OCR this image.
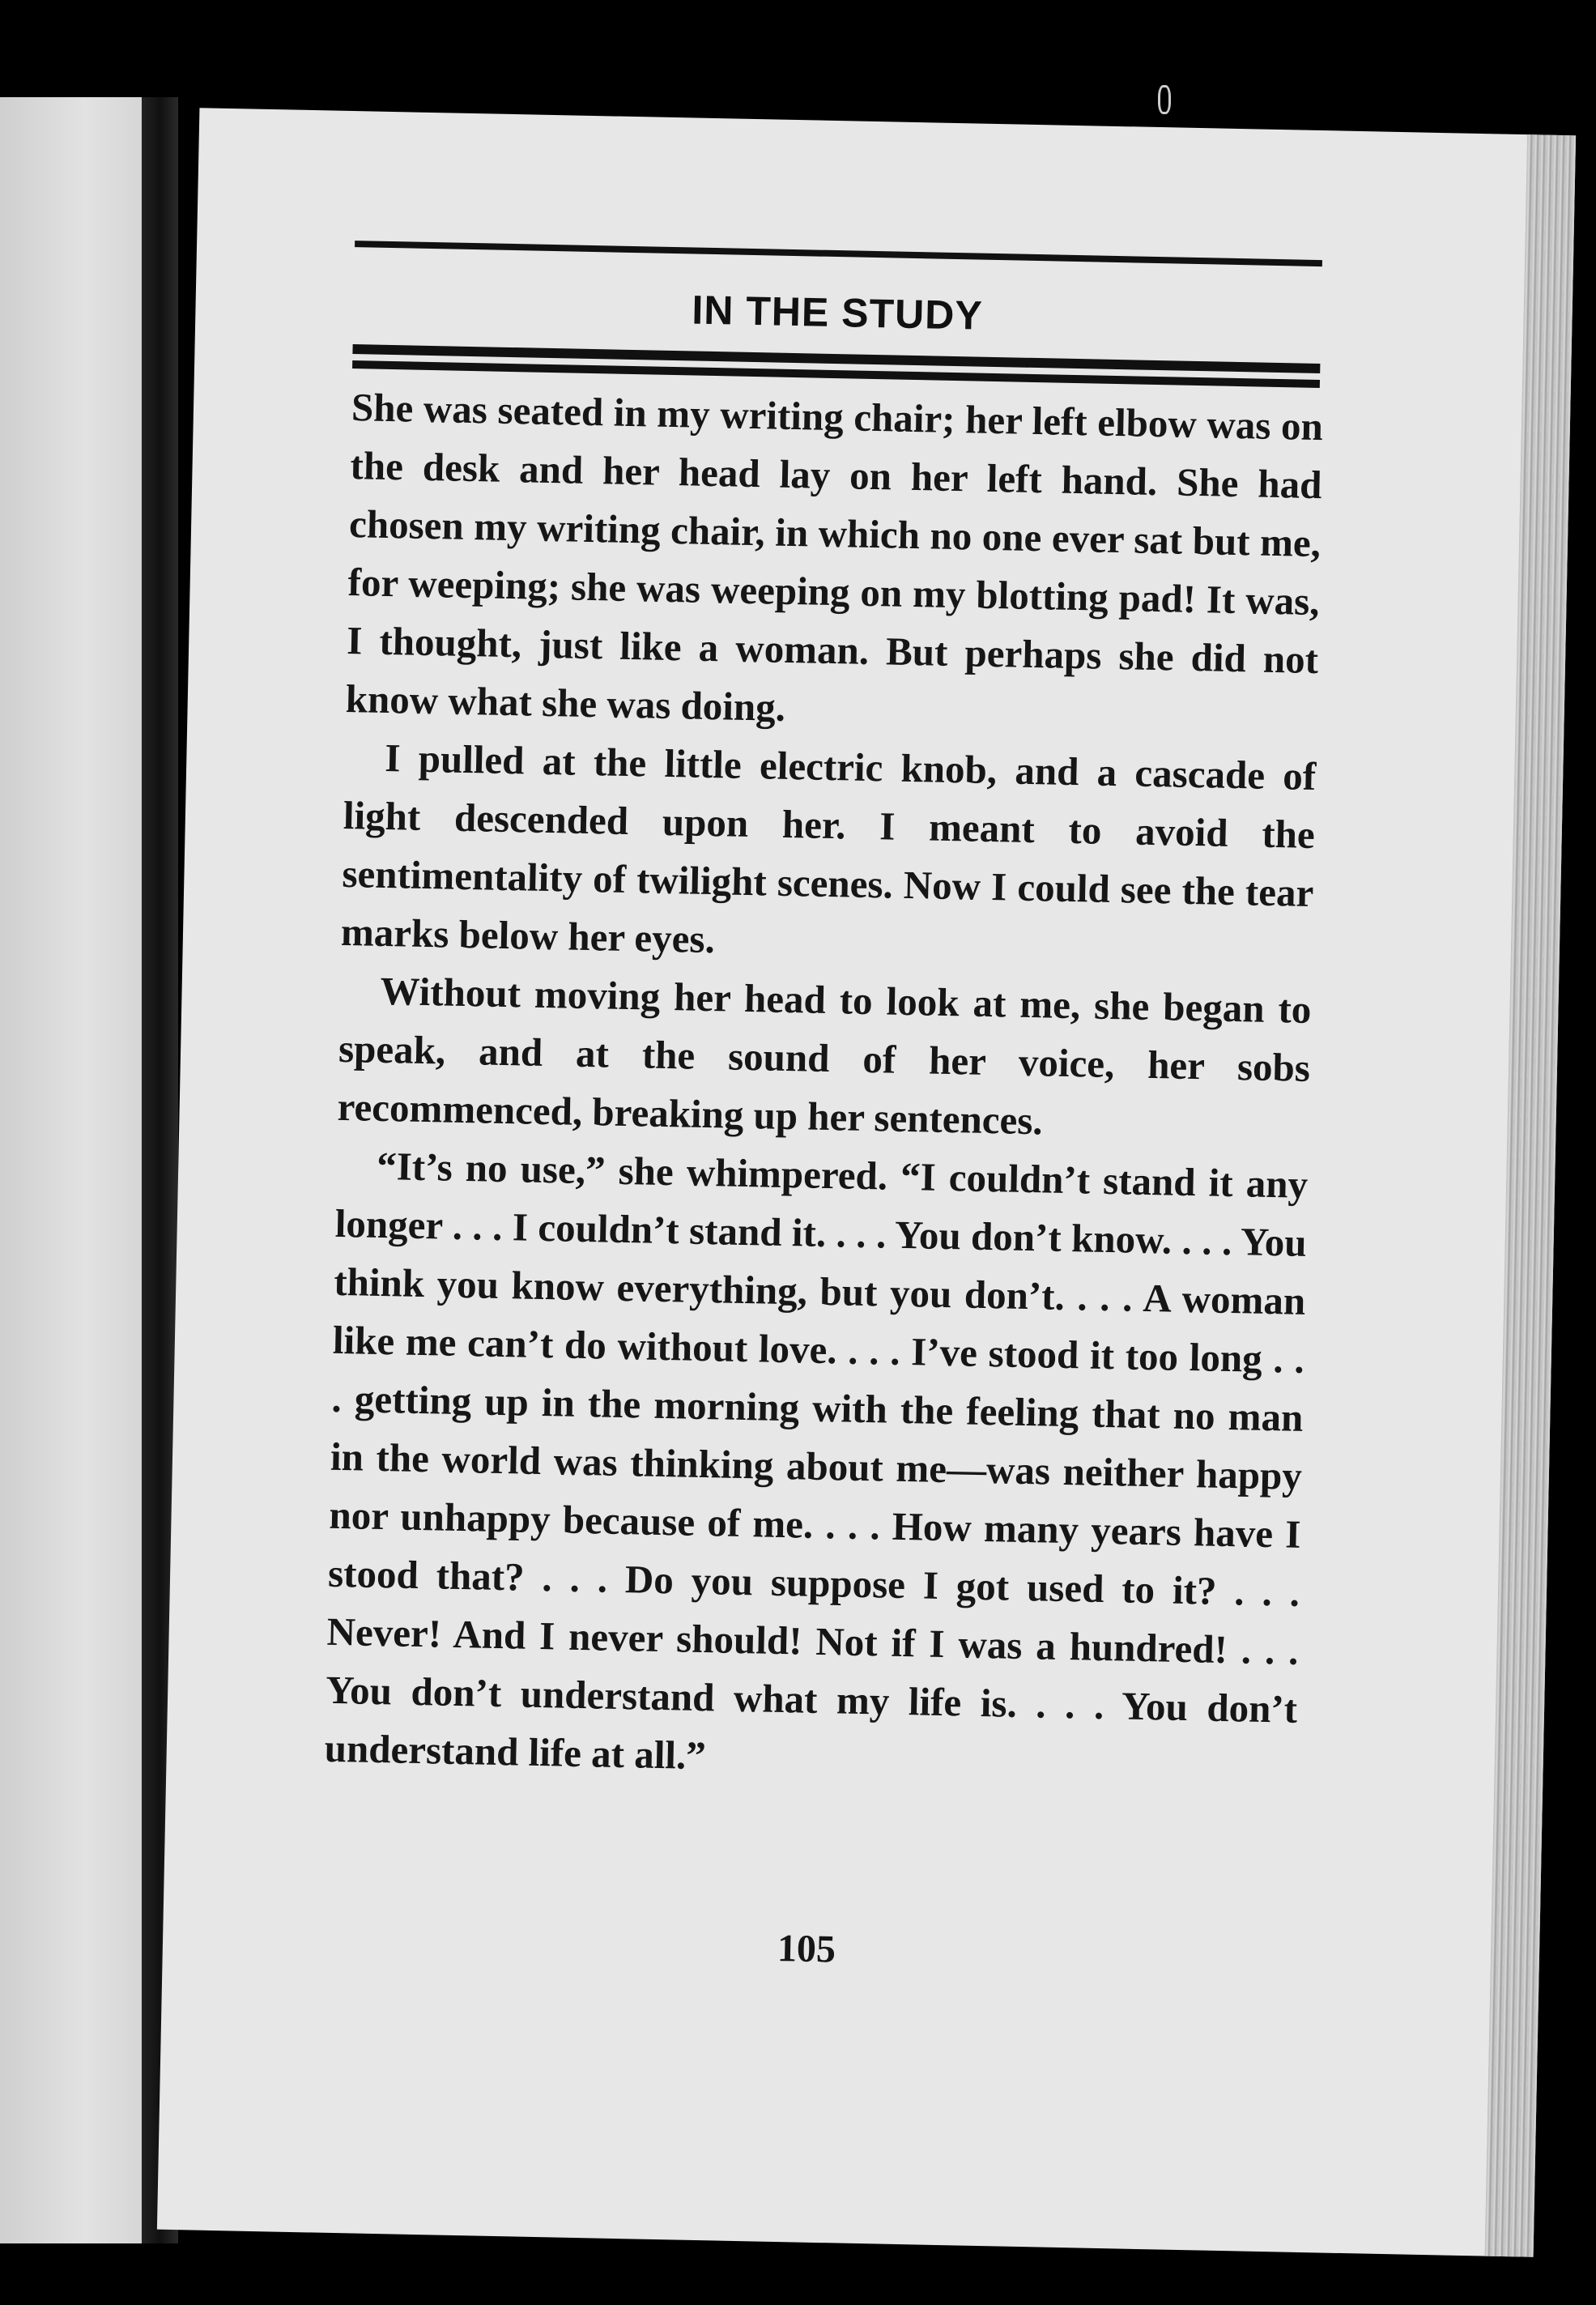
IN THE STUDY

She was seated in my writing chair; her left elbow was on the desk and her head lay on her left hand. She had chosen my writing chair, in which no one ever sat but me, for weeping; she was weeping on my blotting pad! It was, I thought, just like a woman. But perhaps she did not know what she was doing.

I pulled at the little electric knob, and a cascade of light descended upon her. I meant to avoid the sentimentality of twilight scenes. Now I could see the tear marks below her eyes.

Without moving her head to look at me, she began to speak, and at the sound of her voice, her sobs recommenced, breaking up her sentences.

“It’s no use,” she whimpered. “I couldn’t stand it any longer . . . I couldn’t stand it. . . . You don’t know. . . . You think you know everything, but you don’t. . . . A woman like me can’t do without love. . . . I’ve stood it too long . . . getting up in the morning with the feeling that no man in the world was thinking about me—was neither happy nor unhappy because of me. . . . How many years have I stood that? . . . Do you suppose I got used to it? . . . Never! And I never should! Not if I was a hundred! . . . You don’t understand what my life is. . . . You don’t understand life at all.”

105
